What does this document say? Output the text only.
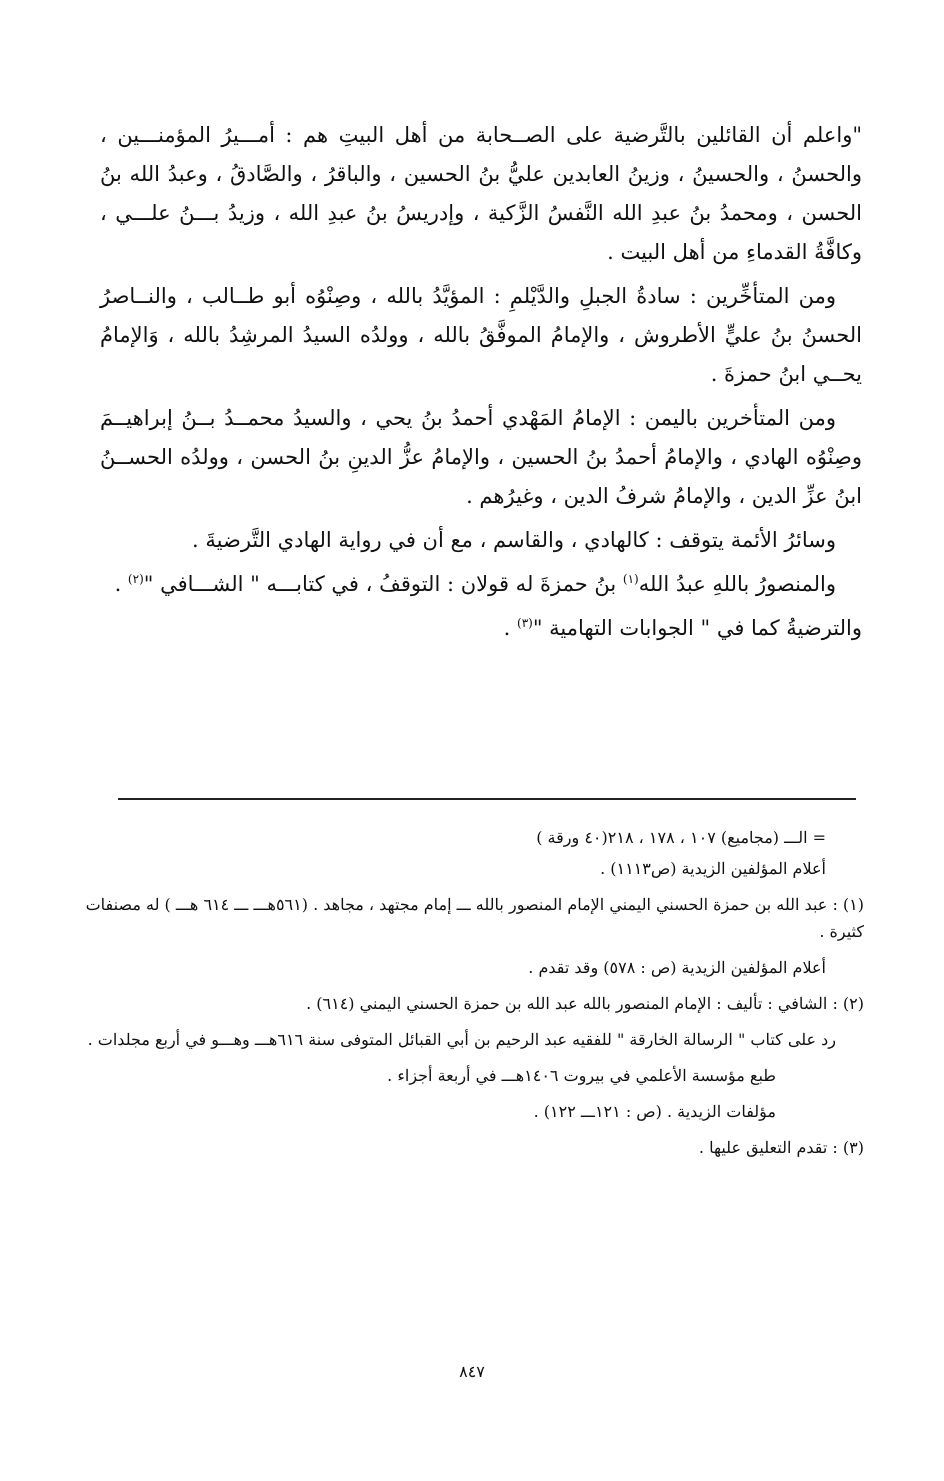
"واعلم أن القائلين بالتَّرضية على الصــحابة من أهل البيتِ هم : أمـــيرُ المؤمنـــين ، والحسنُ ، والحسينُ ، وزينُ العابدين عليُّ بنُ الحسين ، والباقرُ ، والصَّادقُ ، وعبدُ الله بنُ الحسن ، ومحمدُ بنُ عبدِ الله النَّفسُ الزَّكية ، وإدريسُ بنُ عبدِ الله ، وزيدُ بـــنُ علـــي ، وكافَّةُ القدماءِ من أهل البيت .

ومن المتأخِّرين : سادةُ الجبلِ والدَّيْلمِ : المؤيَّدُ بالله ، وصِنْوُه أبو طــالب ، والنــاصرُ الحسنُ بنُ عليٍّ الأطروش ، والإمامُ الموفَّقُ بالله ، وولدُه السيدُ المرشِدُ بالله ، وَالإمامُ يحــي ابنُ حمزةَ .

ومن المتأخرين باليمن : الإمامُ المَهْدي أحمدُ بنُ يحي ، والسيدُ محمــدُ بــنُ إبراهيــمَ وصِنْوُه الهادي ، والإمامُ أحمدُ بنُ الحسين ، والإمامُ عزُّ الدينِ بنُ الحسن ، وولدُه الحســنُ ابنُ عزِّ الدين ، والإمامُ شرفُ الدين ، وغيرُهم .

وسائرُ الأئمة يتوقف : كالهادي ، والقاسم ، مع أن في رواية الهادي التَّرضيةَ .

والمنصورُ باللهِ عبدُ الله$^{(١)}$ بنُ حمزةَ له قولان : التوقفُ ، في كتابـــه " الشـــافي "$^{(٢)}$ .

والترضيةُ كما في " الجوابات التهامية "$^{(٣)}$ .

= الـــ (مجاميع) ١٠٧ ، ١٧٨ ، ٢١٨(٤٠ ورقة )

أعلام المؤلفين الزيدية (ص١١١٣) .

(١) : عبد الله بن حمزة الحسني اليمني الإمام المنصور بالله ـــ إمام مجتهد ، مجاهد . (٥٦١هـــ ـــ ٦١٤ هـــ ) له مصنفات كثيرة .

أعلام المؤلفين الزيدية (ص : ٥٧٨) وقد تقدم .

(٢) : الشافي : تأليف : الإمام المنصور بالله عبد الله بن حمزة الحسني اليمني (٦١٤) .

رد على كتاب " الرسالة الخارقة " للفقيه عبد الرحيم بن أبي القبائل المتوفى سنة ٦١٦هـــ وهـــو في أربع مجلدات .

طبع مؤسسة الأعلمي في بيروت ١٤٠٦هـــ في أربعة أجزاء .

مؤلفات الزيدية . (ص : ١٢١ـــ ١٢٢) .

(٣) : تقدم التعليق عليها .

٨٤٧
